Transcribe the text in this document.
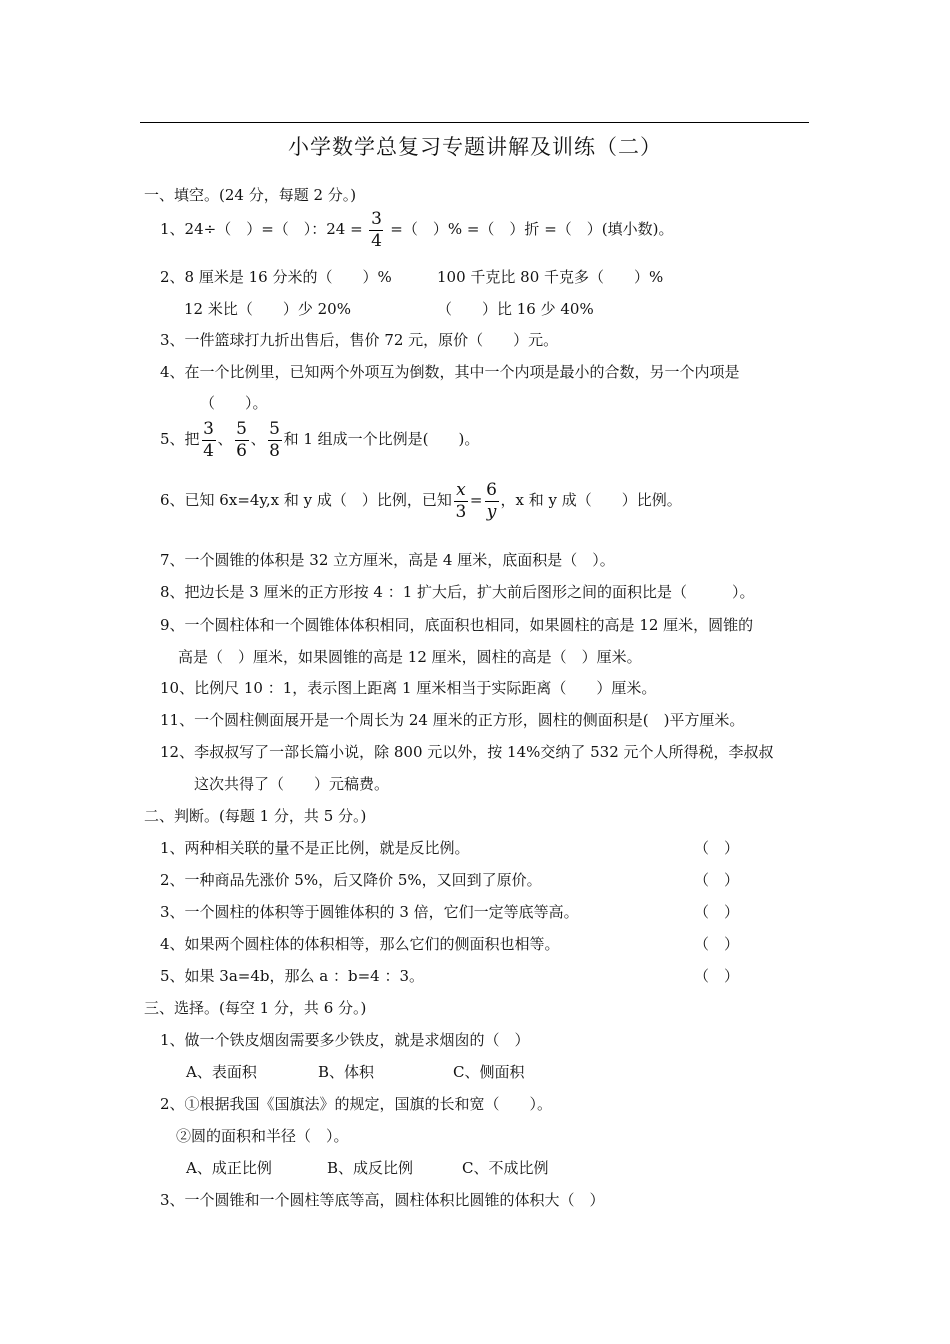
小学数学总复习专题讲解及训练（二）
一、填空。(24 分，每题 2 分。)
1、24÷（　）=（　）：$24 = \frac{3}{4}$ =（　）% =（　）折 =（　）(填小数)。
2、8 厘米是 16 分米的（　　）%	100 千克比 80 千克多（　　）%
12 米比（　　）少 20%	（　　）比 16 少 40%
3、一件篮球打九折出售后，售价 72 元，原价（　　）元。
4、在一个比例里，已知两个外项互为倒数，其中一个内项是最小的合数，另一个内项是
（　　）。
5、把 $\frac{3}{4}$ 、 $\frac{5}{6}$ 、 $\frac{5}{8}$ 和 1 组成一个比例是(　　)。
6、已知 6x=4y,x 和 y 成（　）比例，已知 $\frac{x}{3} = \frac{6}{y}$ ，x 和 y 成（　　）比例。
7、一个圆锥的体积是 32 立方厘米，高是 4 厘米，底面积是（　）。
8、把边长是 3 厘米的正方形按 4 ：1 扩大后，扩大前后图形之间的面积比是（　　　）。
9、一个圆柱体和一个圆锥体体积相同，底面积也相同，如果圆柱的高是 12 厘米，圆锥的
高是（　）厘米，如果圆锥的高是 12 厘米，圆柱的高是（　）厘米。
10、比例尺 10 ：1，表示图上距离 1 厘米相当于实际距离（　　）厘米。
11、一个圆柱侧面展开是一个周长为 24 厘米的正方形，圆柱的侧面积是(　)平方厘米。
12、李叔叔写了一部长篇小说，除 800 元以外，按 14%交纳了 532 元个人所得税，李叔叔
这次共得了（　　）元稿费。
二、判断。(每题 1 分，共 5 分。)
1、两种相关联的量不是正比例，就是反比例。	（　）
2、一种商品先涨价 5%，后又降价 5%，又回到了原价。	（　）
3、一个圆柱的体积等于圆锥体积的 3 倍，它们一定等底等高。	（　）
4、如果两个圆柱体的体积相等，那么它们的侧面积也相等。	（　）
5、如果 3a=4b，那么 a ：b=4 ：3。	（　）
三、选择。(每空 1 分，共 6 分。)
1、做一个铁皮烟囱需要多少铁皮，就是求烟囱的（　）
A、表面积	B、体积	C、侧面积
2、①根据我国《国旗法》的规定，国旗的长和宽（　　）。
②圆的面积和半径（　）。
A、成正比例	B、成反比例	C、不成比例
3、一个圆锥和一个圆柱等底等高，圆柱体积比圆锥的体积大（　）
